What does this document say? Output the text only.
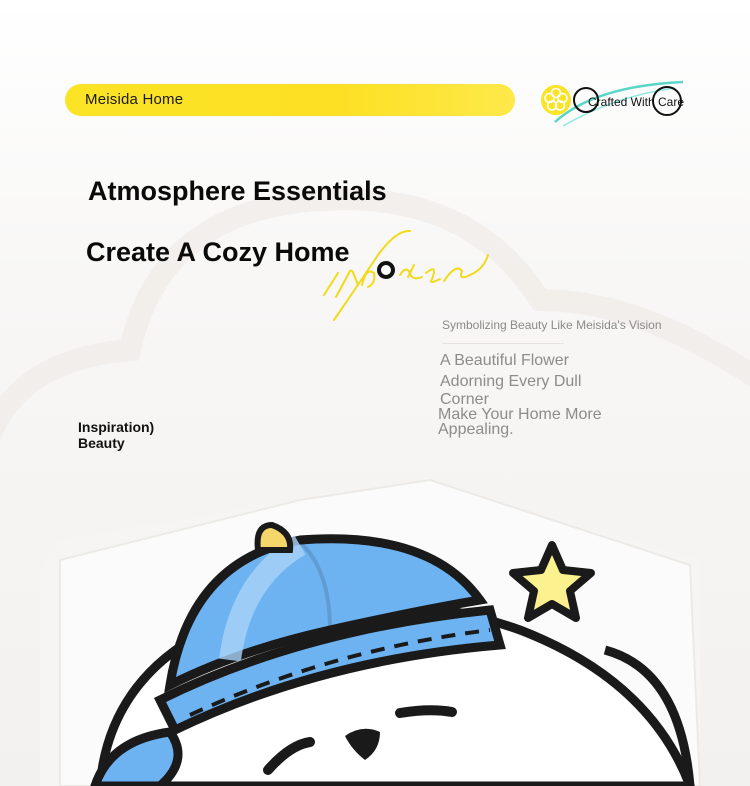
Meisida Home	Crafted With Care
Atmosphere Essentials
Create A Cozy Home
Symbolizing Beauty Like Meisida's Vision
A Beautiful Flower
Adorning Every Dull
Corner
Make Your Home More
Appealing.
Inspiration)
Beauty
